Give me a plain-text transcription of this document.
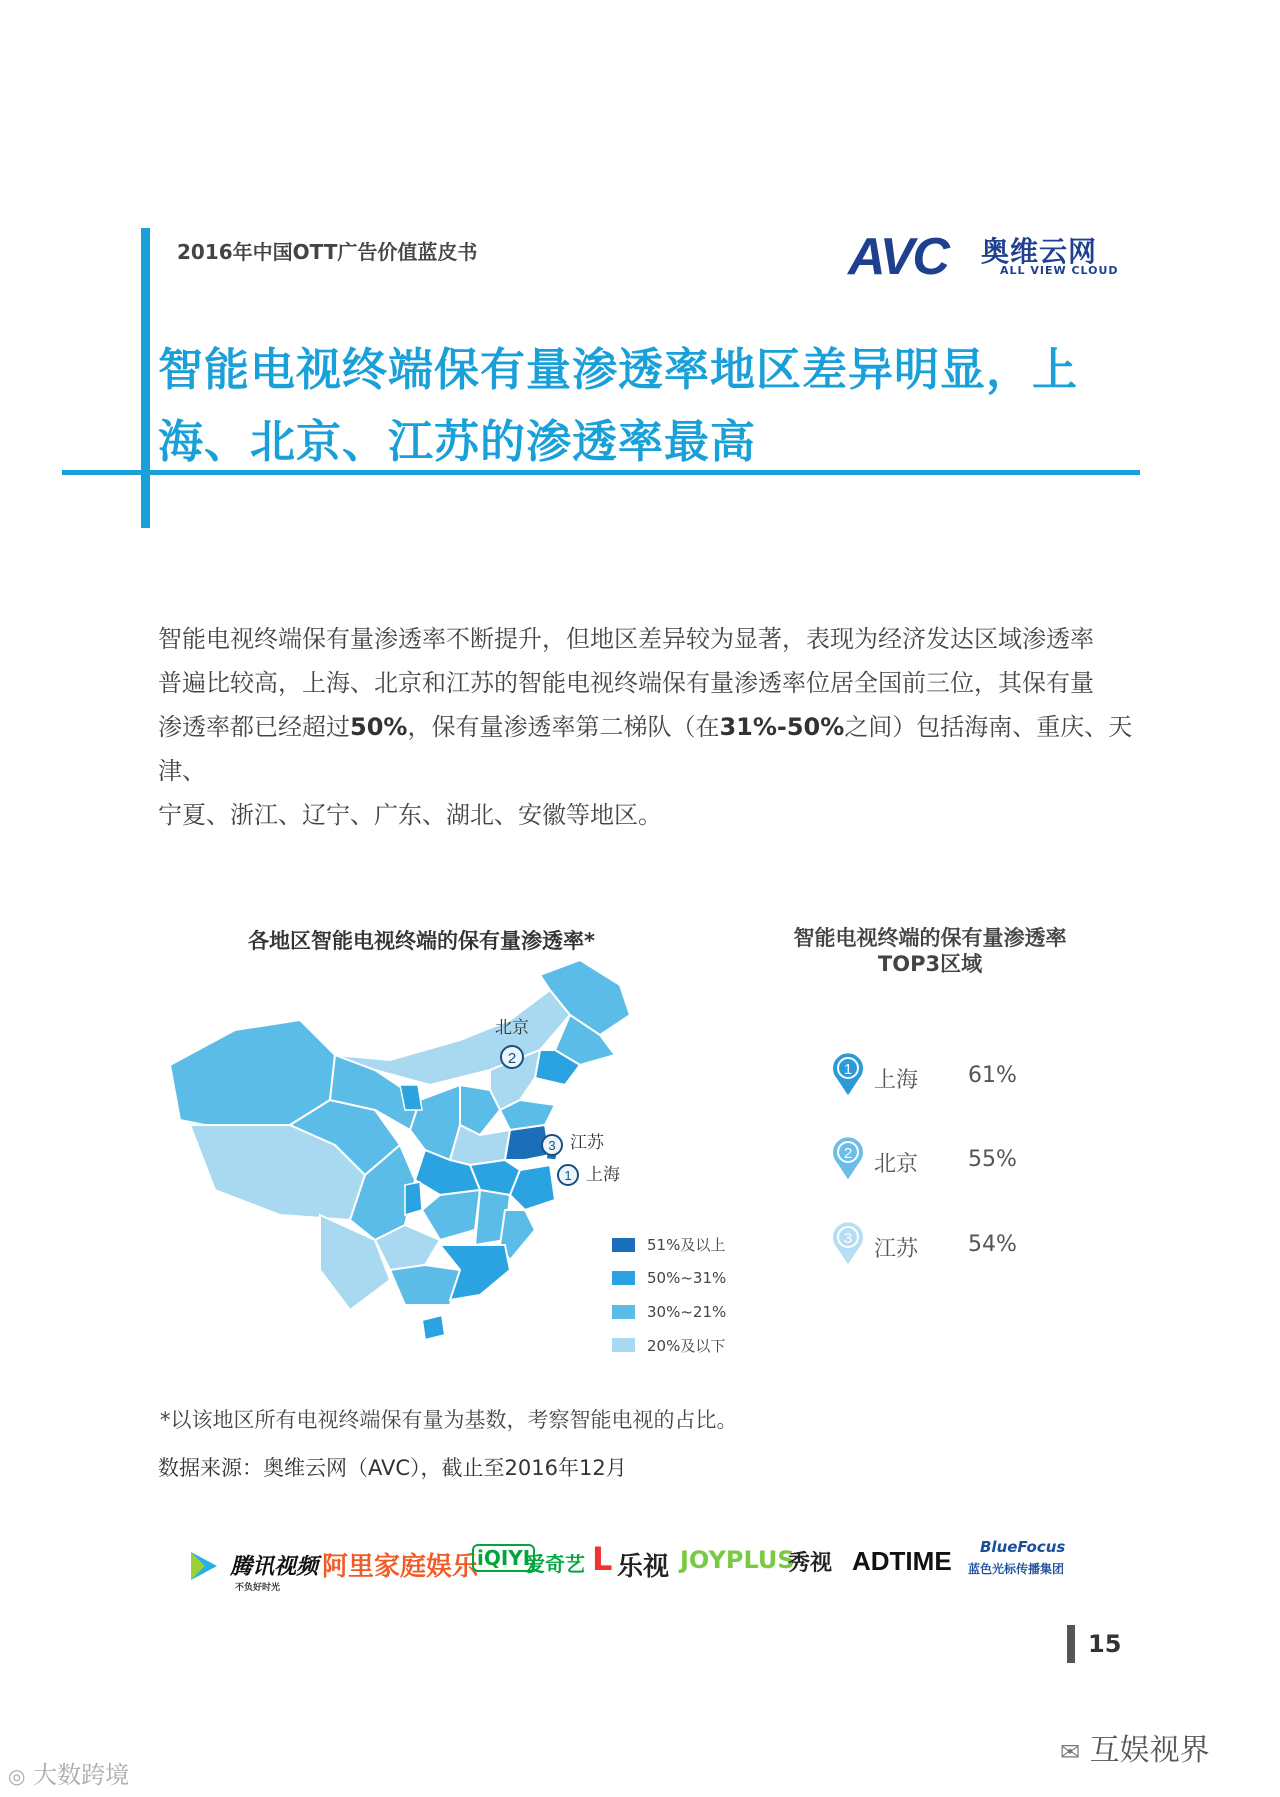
2016年中国OTT广告价值蓝皮书	AVC 奥维云网
ALL VIEW CLOUD
智能电视终端保有量渗透率地区差异明显，上
海、北京、江苏的渗透率最高
智能电视终端保有量渗透率不断提升，但地区差异较为显著，表现为经济发达区域渗透率
普遍比较高，上海、北京和江苏的智能电视终端保有量渗透率位居全国前三位，其保有量
渗透率都已经超过50%，保有量渗透率第二梯队（在31%-50%之间）包括海南、重庆、天津、
宁夏、浙江、辽宁、广东、湖北、安徽等地区。
各地区智能电视终端的保有量渗透率*
2
3
1
北京
江苏
上海
51%及以上
50%~31%
30%~21%
20%及以下
智能电视终端的保有量渗透率
TOP3区域
1 上海 61%
2 北京 55%
3 江苏 54%
*以该地区所有电视终端保有量为基数，考察智能电视的占比。
数据来源：奥维云网（AVC），截止至2016年12月
腾讯视频
不负好时光
阿里家庭娱乐
iQIYI
爱奇艺 L 乐视 JOYPLUS
秀视 ADTIME BlueFocus
蓝色光标传播集团
15
◎ 大数跨境
✉ 互娱视界
